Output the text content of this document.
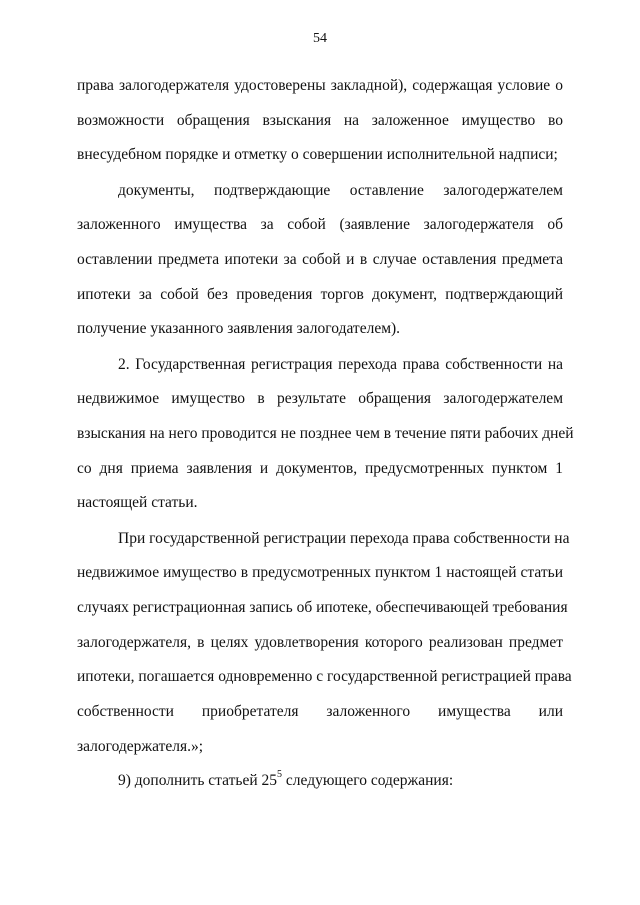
54
права залогодержателя удостоверены закладной), содержащая условие о
возможности обращения взыскания на заложенное имущество во
внесудебном порядке и отметку о совершении исполнительной надписи;
документы, подтверждающие оставление залогодержателем
заложенного имущества за собой (заявление залогодержателя об
оставлении предмета ипотеки за собой и в случае оставления предмета
ипотеки за собой без проведения торгов документ, подтверждающий
получение указанного заявления залогодателем).
2. Государственная регистрация перехода права собственности на
недвижимое имущество в результате обращения залогодержателем
взыскания на него проводится не позднее чем в течение пяти рабочих дней
со дня приема заявления и документов, предусмотренных пунктом 1
настоящей статьи.
При государственной регистрации перехода права собственности на
недвижимое имущество в предусмотренных пунктом 1 настоящей статьи
случаях регистрационная запись об ипотеке, обеспечивающей требования
залогодержателя, в целях удовлетворения которого реализован предмет
ипотеки, погашается одновременно с государственной регистрацией права
собственности приобретателя заложенного имущества или
залогодержателя.»;
9) дополнить статьей $25^5$ следующего содержания:
